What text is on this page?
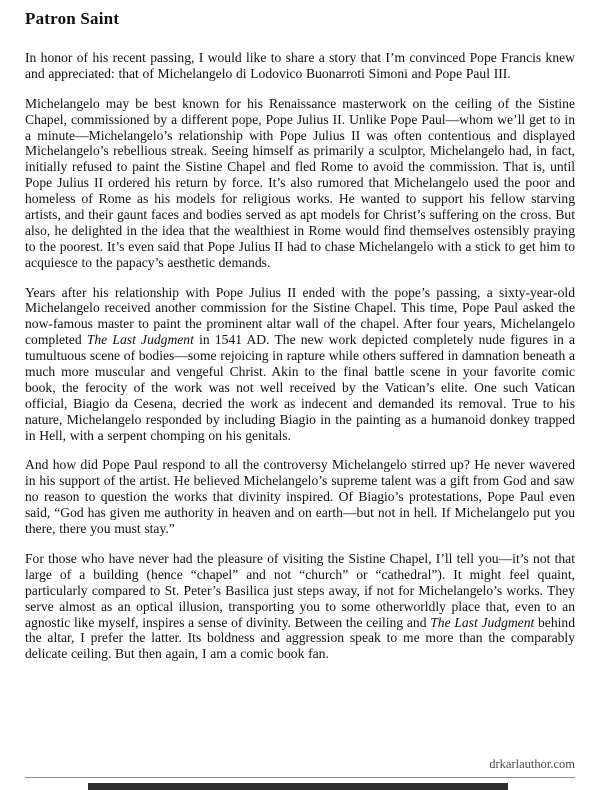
Patron Saint

In honor of his recent passing, I would like to share a story that I’m convinced Pope Francis knew and appreciated: that of Michelangelo di Lodovico Buonarroti Simoni and Pope Paul III.

Michelangelo may be best known for his Renaissance masterwork on the ceiling of the Sistine Chapel, commissioned by a different pope, Pope Julius II. Unlike Pope Paul—whom we’ll get to in a minute—Michelangelo’s relationship with Pope Julius II was often contentious and displayed Michelangelo’s rebellious streak. Seeing himself as primarily a sculptor, Michelangelo had, in fact, initially refused to paint the Sistine Chapel and fled Rome to avoid the commission. That is, until Pope Julius II ordered his return by force. It’s also rumored that Michelangelo used the poor and homeless of Rome as his models for religious works. He wanted to support his fellow starving artists, and their gaunt faces and bodies served as apt models for Christ’s suffering on the cross. But also, he delighted in the idea that the wealthiest in Rome would find themselves ostensibly praying to the poorest. It’s even said that Pope Julius II had to chase Michelangelo with a stick to get him to acquiesce to the papacy’s aesthetic demands.

Years after his relationship with Pope Julius II ended with the pope’s passing, a sixty-year-old Michelangelo received another commission for the Sistine Chapel. This time, Pope Paul asked the now-famous master to paint the prominent altar wall of the chapel. After four years, Michelangelo completed The Last Judgment in 1541 AD. The new work depicted completely nude figures in a tumultuous scene of bodies—some rejoicing in rapture while others suffered in damnation beneath a much more muscular and vengeful Christ. Akin to the final battle scene in your favorite comic book, the ferocity of the work was not well received by the Vatican’s elite. One such Vatican official, Biagio da Cesena, decried the work as indecent and demanded its removal. True to his nature, Michelangelo responded by including Biagio in the painting as a humanoid donkey trapped in Hell, with a serpent chomping on his genitals.

And how did Pope Paul respond to all the controversy Michelangelo stirred up? He never wavered in his support of the artist. He believed Michelangelo’s supreme talent was a gift from God and saw no reason to question the works that divinity inspired. Of Biagio’s protestations, Pope Paul even said, “God has given me authority in heaven and on earth—but not in hell. If Michelangelo put you there, there you must stay.”

For those who have never had the pleasure of visiting the Sistine Chapel, I’ll tell you—it’s not that large of a building (hence “chapel” and not “church” or “cathedral”). It might feel quaint, particularly compared to St. Peter’s Basilica just steps away, if not for Michelangelo’s works. They serve almost as an optical illusion, transporting you to some otherworldly place that, even to an agnostic like myself, inspires a sense of divinity. Between the ceiling and The Last Judgment behind the altar, I prefer the latter. Its boldness and aggression speak to me more than the comparably delicate ceiling. But then again, I am a comic book fan.

drkarlauthor.com
